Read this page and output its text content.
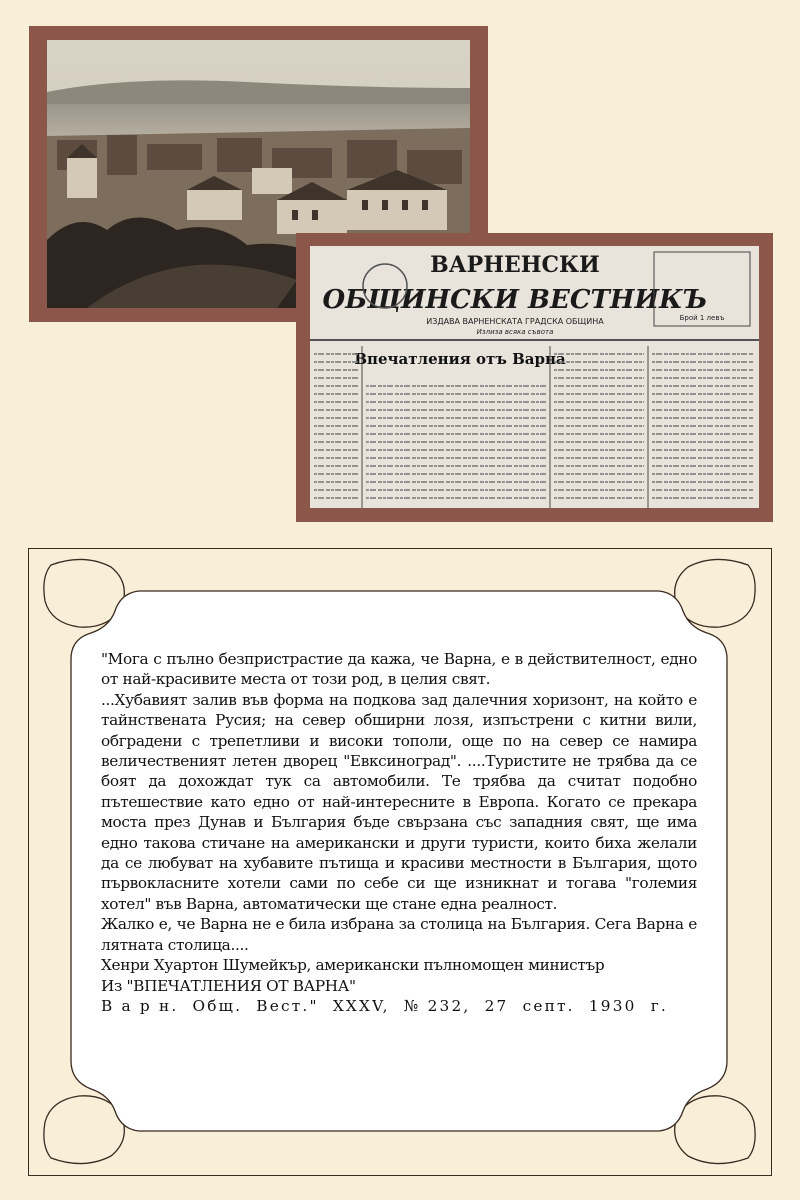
ВАРНЕНСКИ
ОБЩИНСКИ ВЕСТНИКЪ
Брой 1 левъ
ИЗДАВА ВАРНЕНСКАТА ГРАДСКА ОБЩИНА
Излиза всяка съвота
Впечатления отъ Варна

"Мога с пълно безпристрастие да кажа, че Варна, е в действителност, едно от най-красивите места от този род, в целия свят.

...Хубавият залив във форма на подкова зад далечния хоризонт, на който е тайнствената Русия; на север обширни лозя, изпъстрени с китни вили, обградени с трепетливи и високи тополи, още по на север се намира величественият летен дворец "Евксиноград". ....Туристите не трябва да се боят да дохождат тук са автомобили. Те трябва да считат подобно пътешествие като едно от най-интересните в Европа. Когато се прекара моста през Дунав и България бъде свързана със западния свят, ще има едно такова стичане на американски и други туристи, които биха желали да се любуват на хубавите пътища и красиви местности в България, щото първокласните хотели сами по себе си ще изникнат и тогава "големия хотел" във Варна, автоматически ще стане една реалност.

Жалко е, че Варна не е била избрана за столица на България. Сега Варна е лятната столица....

Хенри Хуартон Шумейкър, американски пълномощен министър

Из "ВПЕЧАТЛЕНИЯ ОТ ВАРНА"

В а р н.  Общ.  Вест."  XXXV,  № 232,  27  септ.  1930  г.
